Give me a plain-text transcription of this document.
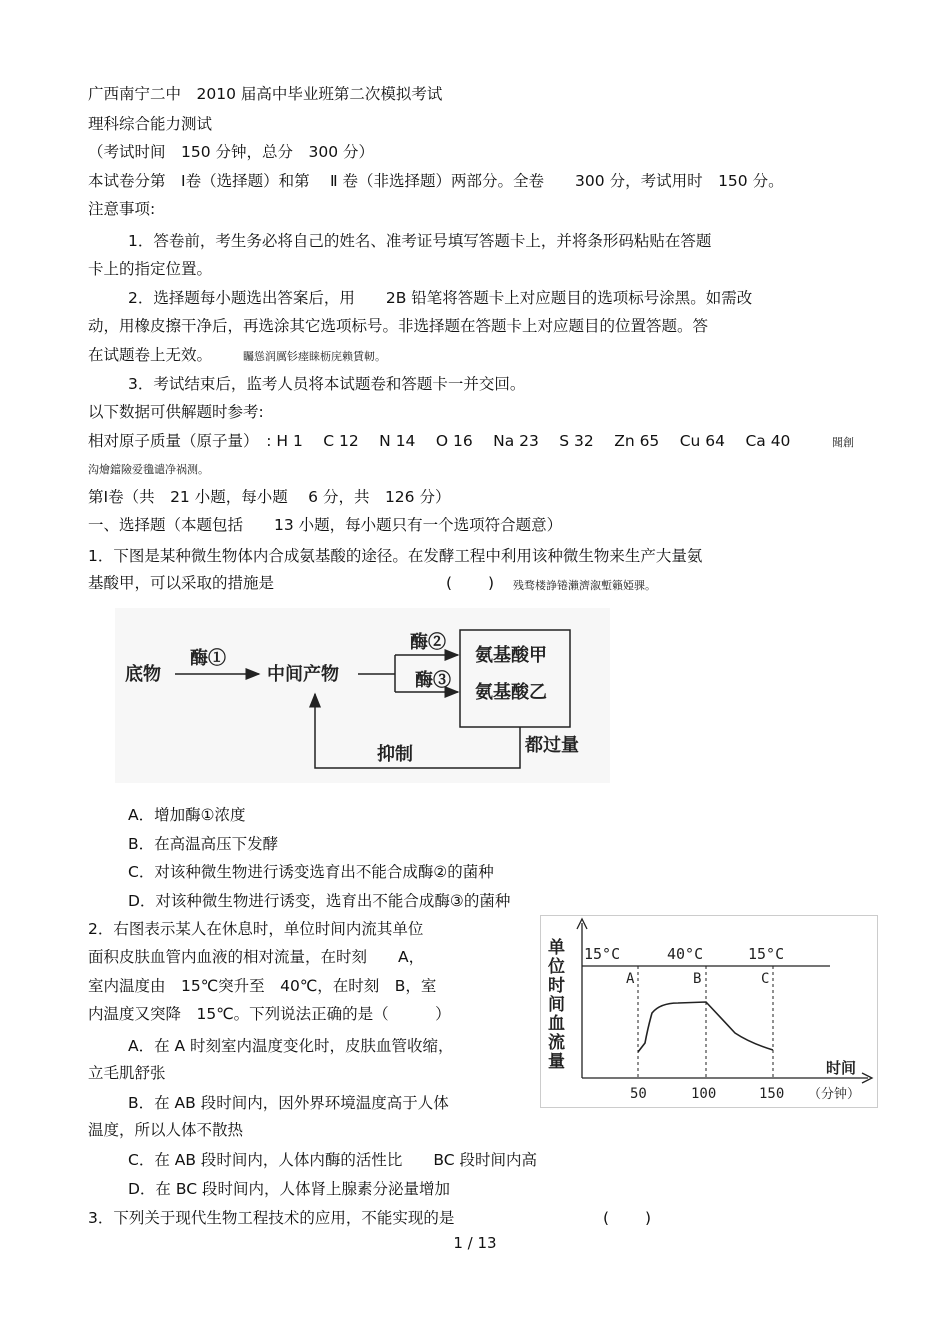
广西南宁二中　2010 届高中毕业班第二次模拟考试
理科综合能力测试
（考试时间　150 分钟，总分　300 分）
本试卷分第　Ⅰ卷（选择题）和第　 Ⅱ 卷（非选择题）两部分。全卷　　300 分，考试用时　150 分。
注意事项:
1．答卷前，考生务必将自己的姓名、准考证号填写答题卡上，并将条形码粘贴在答题
卡上的指定位置。
2．选择题每小题选出答案后，用　　2B 铅笔将答题卡上对应题目的选项标号涂黑。如需改
动，用橡皮擦干净后，再选涂其它选项标号。非选择题在答题卡上对应题目的位置答题。答
在试题卷上无效。	矚慫润厲钐瘗睐枥庑赖賃軔。
3．考试结束后，监考人员将本试题卷和答题卡一并交回。
以下数据可供解题时参考:
相对原子质量（原子量）　: H 1　 C 12　 N 14　 O 16　 Na 23　 S 32　 Zn 65　 Cu 64　 Ca 40	聞創
沟燴鐺險爱氇谴净祸测。
第Ⅰ卷（共　21 小题，每小题　 6 分，共　126 分）
一、选择题（本题包括　　13 小题，每小题只有一个选项符合题意）
1．下图是某种微生物体内合成氨基酸的途径。在发酵工程中利用该种微生物来生产大量氨
基酸甲，可以采取的措施是	(　　 ) 残骛楼諍锩瀨濟溆塹籟婭骒。
底物
酶①
中间产物
酶②
酶③
氨基酸甲
氨基酸乙
抑制	都过量
A．增加酶①浓度
B．在高温高压下发酵
C．对该种微生物进行诱变选育出不能合成酶②的菌种
D．对该种微生物进行诱变，选育出不能合成酶③的菌种
2．右图表示某人在休息时，单位时间内流其单位
面积皮肤血管内血液的相对流量，在时刻　　A，
室内温度由　15℃突升至　40℃，在时刻　B，室
内温度又突降　15℃。下列说法正确的是（　　　）
A．在 A 时刻室内温度变化时，皮肤血管收缩，
立毛肌舒张
B．在 AB 段时间内，因外界环境温度高于人体
温度，所以人体不散热
C．在 AB 段时间内，人体内酶的活性比　　BC 段时间内高
D．在 BC 段时间内，人体肾上腺素分泌量增加
单
位
时
间
血
流
量
15°C	40°C	15°C
A	B	C
时间
（分钟）
50	100	150
3．下列关于现代生物工程技术的应用，不能实现的是	(　　 )
1 / 13
